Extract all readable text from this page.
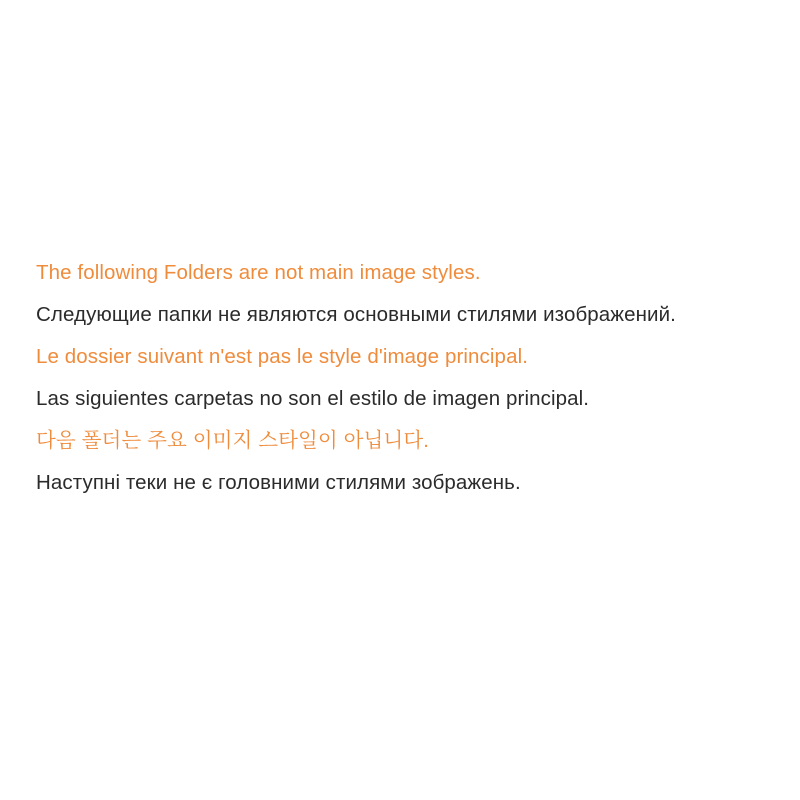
The following Folders are not main image styles.
Следующие папки не являются основными стилями изображений.
Le dossier suivant n'est pas le style d'image principal.
Las siguientes carpetas no son el estilo de imagen principal.
다음 폴더는 주요 이미지 스타일이 아닙니다.
Наступні теки не є головними стилями зображень.
